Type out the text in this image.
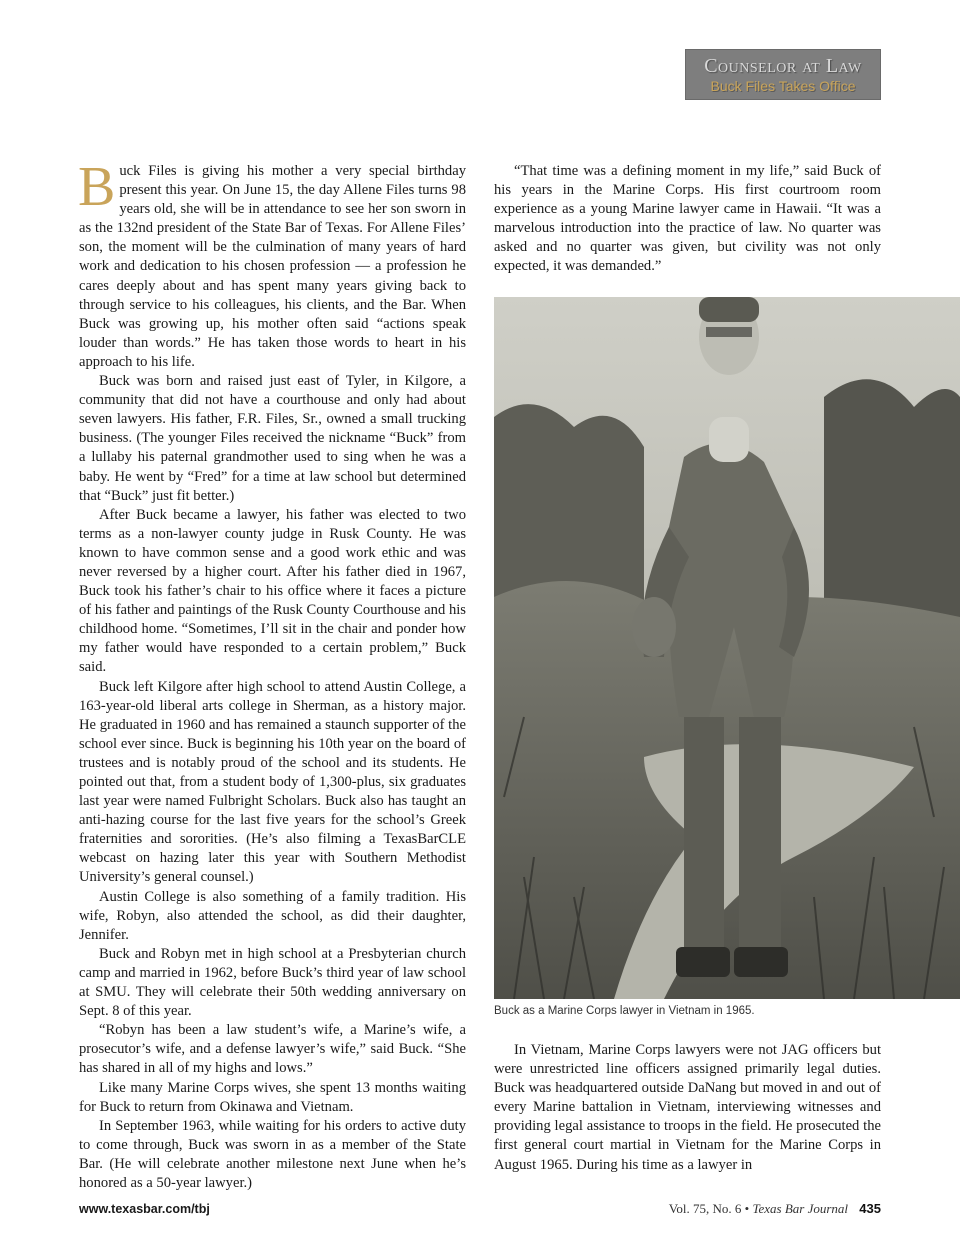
Counselor at Law
Buck Files Takes Office

Buck Files is giving his mother a very special birthday present this year. On June 15, the day Allene Files turns 98 years old, she will be in attendance to see her son sworn in as the 132nd president of the State Bar of Texas. For Allene Files’ son, the moment will be the culmination of many years of hard work and dedication to his chosen profession — a profession he cares deeply about and has spent many years giving back to through service to his colleagues, his clients, and the Bar. When Buck was growing up, his mother often said “actions speak louder than words.” He has taken those words to heart in his approach to his life.

Buck was born and raised just east of Tyler, in Kilgore, a community that did not have a courthouse and only had about seven lawyers. His father, F.R. Files, Sr., owned a small trucking business. (The younger Files received the nickname “Buck” from a lullaby his paternal grandmother used to sing when he was a baby. He went by “Fred” for a time at law school but determined that “Buck” just fit better.)

After Buck became a lawyer, his father was elected to two terms as a non-lawyer county judge in Rusk County. He was known to have common sense and a good work ethic and was never reversed by a higher court. After his father died in 1967, Buck took his father’s chair to his office where it faces a picture of his father and paintings of the Rusk County Courthouse and his childhood home. “Sometimes, I’ll sit in the chair and ponder how my father would have responded to a certain problem,” Buck said.

Buck left Kilgore after high school to attend Austin College, a 163-year-old liberal arts college in Sherman, as a history major. He graduated in 1960 and has remained a staunch supporter of the school ever since. Buck is beginning his 10th year on the board of trustees and is notably proud of the school and its students. He pointed out that, from a student body of 1,300-plus, six graduates last year were named Fulbright Scholars. Buck also has taught an anti-hazing course for the last five years for the school’s Greek fraternities and sororities. (He’s also filming a TexasBarCLE webcast on hazing later this year with Southern Methodist University’s general counsel.)

Austin College is also something of a family tradition. His wife, Robyn, also attended the school, as did their daughter, Jennifer.

Buck and Robyn met in high school at a Presbyterian church camp and married in 1962, before Buck’s third year of law school at SMU. They will celebrate their 50th wedding anniversary on Sept. 8 of this year.

“Robyn has been a law student’s wife, a Marine’s wife, a prosecutor’s wife, and a defense lawyer’s wife,” said Buck. “She has shared in all of my highs and lows.”

Like many Marine Corps wives, she spent 13 months waiting for Buck to return from Okinawa and Vietnam.

In September 1963, while waiting for his orders to active duty to come through, Buck was sworn in as a member of the State Bar. (He will celebrate another milestone next June when he’s honored as a 50-year lawyer.)

“That time was a defining moment in my life,” said Buck of his years in the Marine Corps. His first courtroom room experience as a young Marine lawyer came in Hawaii. “It was a marvelous introduction into the practice of law. No quarter was asked and no quarter was given, but civility was not only expected, it was demanded.”

Buck as a Marine Corps lawyer in Vietnam in 1965.

In Vietnam, Marine Corps lawyers were not JAG officers but were unrestricted line officers assigned primarily legal duties. Buck was headquartered outside DaNang but moved in and out of every Marine battalion in Vietnam, interviewing witnesses and providing legal assistance to troops in the field. He prosecuted the first general court martial in Vietnam for the Marine Corps in August 1965. During his time as a lawyer in

www.texasbar.com/tbj	Vol. 75, No. 6 • Texas Bar Journal 435
